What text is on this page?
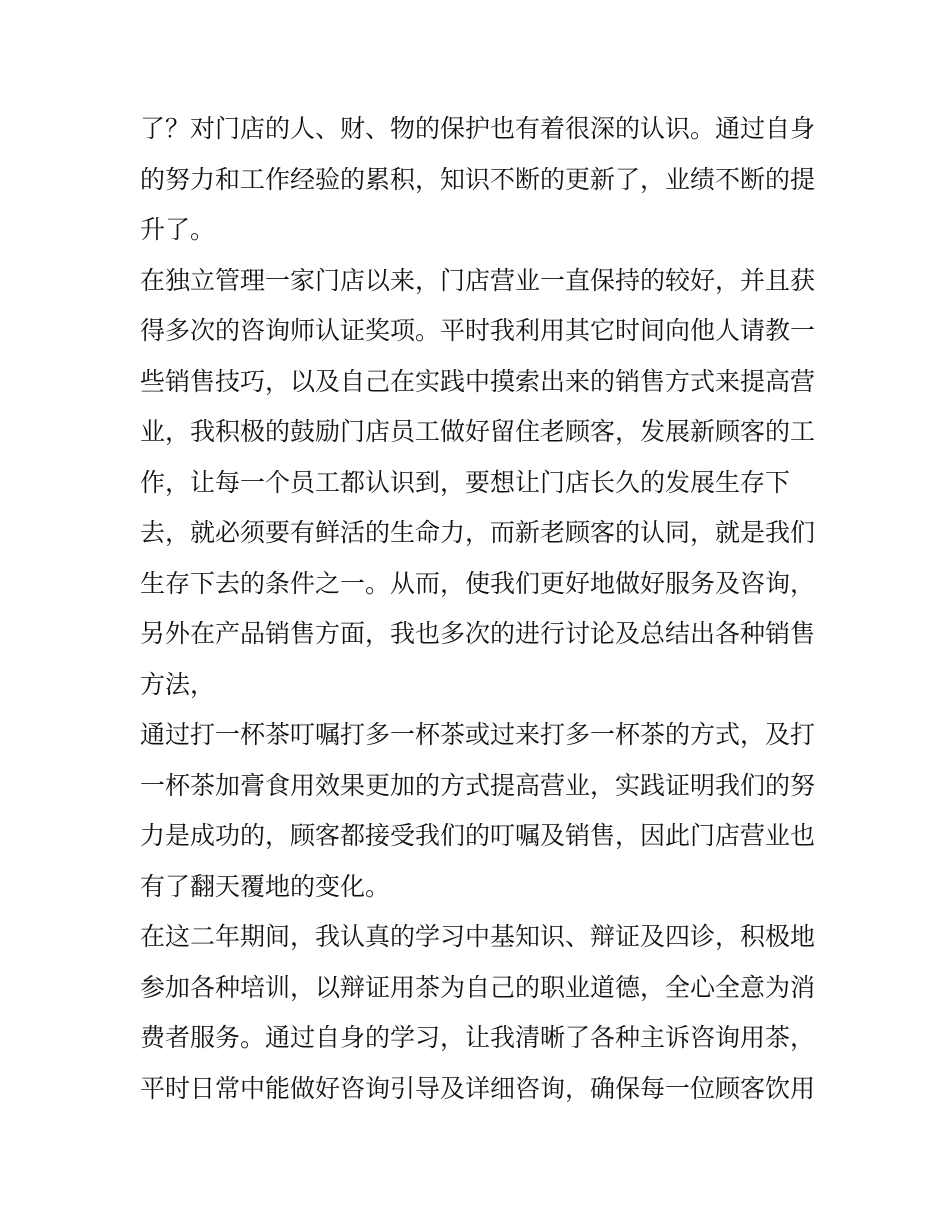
了？对门店的人、财、物的保护也有着很深的认识。通过自身
的努力和工作经验的累积，知识不断的更新了，业绩不断的提
升了。
在独立管理一家门店以来，门店营业一直保持的较好，并且获
得多次的咨询师认证奖项。平时我利用其它时间向他人请教一
些销售技巧，以及自己在实践中摸索出来的销售方式来提高营
业，我积极的鼓励门店员工做好留住老顾客，发展新顾客的工
作，让每一个员工都认识到，要想让门店长久的发展生存下
去，就必须要有鲜活的生命力，而新老顾客的认同，就是我们
生存下去的条件之一。从而，使我们更好地做好服务及咨询，
另外在产品销售方面，我也多次的进行讨论及总结出各种销售
方法，
通过打一杯茶叮嘱打多一杯茶或过来打多一杯茶的方式，及打
一杯茶加膏食用效果更加的方式提高营业，实践证明我们的努
力是成功的，顾客都接受我们的叮嘱及销售，因此门店营业也
有了翻天覆地的变化。
在这二年期间，我认真的学习中基知识、辩证及四诊，积极地
参加各种培训，以辩证用茶为自己的职业道德，全心全意为消
费者服务。通过自身的学习，让我清晰了各种主诉咨询用茶，
平时日常中能做好咨询引导及详细咨询，确保每一位顾客饮用
